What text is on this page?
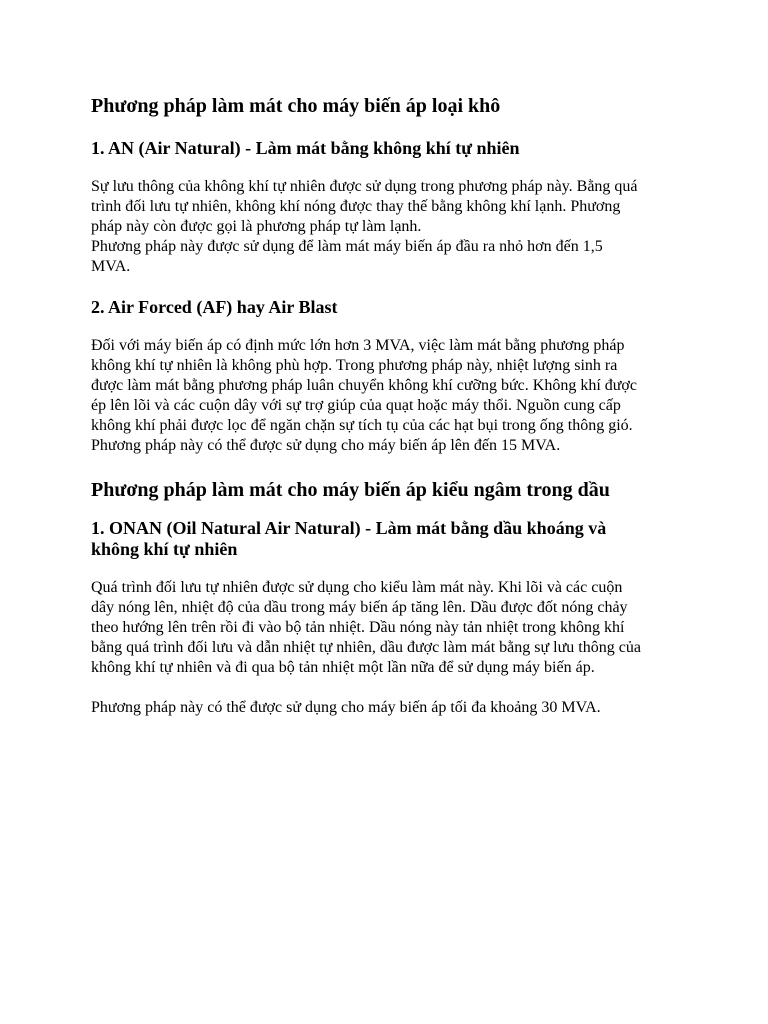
Phương pháp làm mát cho máy biến áp loại khô
1. AN (Air Natural) - Làm mát bằng không khí tự nhiên
Sự lưu thông của không khí tự nhiên được sử dụng trong phương pháp này. Bằng quá
trình đối lưu tự nhiên, không khí nóng được thay thế bằng không khí lạnh. Phương
pháp này còn được gọi là phương pháp tự làm lạnh.
Phương pháp này được sử dụng để làm mát máy biến áp đầu ra nhỏ hơn đến 1,5
MVA.
2. Air Forced (AF) hay Air Blast
Đối với máy biến áp có định mức lớn hơn 3 MVA, việc làm mát bằng phương pháp
không khí tự nhiên là không phù hợp. Trong phương pháp này, nhiệt lượng sinh ra
được làm mát bằng phương pháp luân chuyển không khí cưỡng bức. Không khí được
ép lên lõi và các cuộn dây với sự trợ giúp của quạt hoặc máy thổi. Nguồn cung cấp
không khí phải được lọc để ngăn chặn sự tích tụ của các hạt bụi trong ống thông gió.
Phương pháp này có thể được sử dụng cho máy biến áp lên đến 15 MVA.
Phương pháp làm mát cho máy biến áp kiểu ngâm trong dầu
1. ONAN (Oil Natural Air Natural) - Làm mát bằng dầu khoáng và
không khí tự nhiên
Quá trình đối lưu tự nhiên được sử dụng cho kiểu làm mát này. Khi lõi và các cuộn
dây nóng lên, nhiệt độ của dầu trong máy biến áp tăng lên. Dầu được đốt nóng chảy
theo hướng lên trên rồi đi vào bộ tản nhiệt. Dầu nóng này tản nhiệt trong không khí
bằng quá trình đối lưu và dẫn nhiệt tự nhiên, dầu được làm mát bằng sự lưu thông của
không khí tự nhiên và đi qua bộ tản nhiệt một lần nữa để sử dụng máy biến áp.
Phương pháp này có thể được sử dụng cho máy biến áp tối đa khoảng 30 MVA.
